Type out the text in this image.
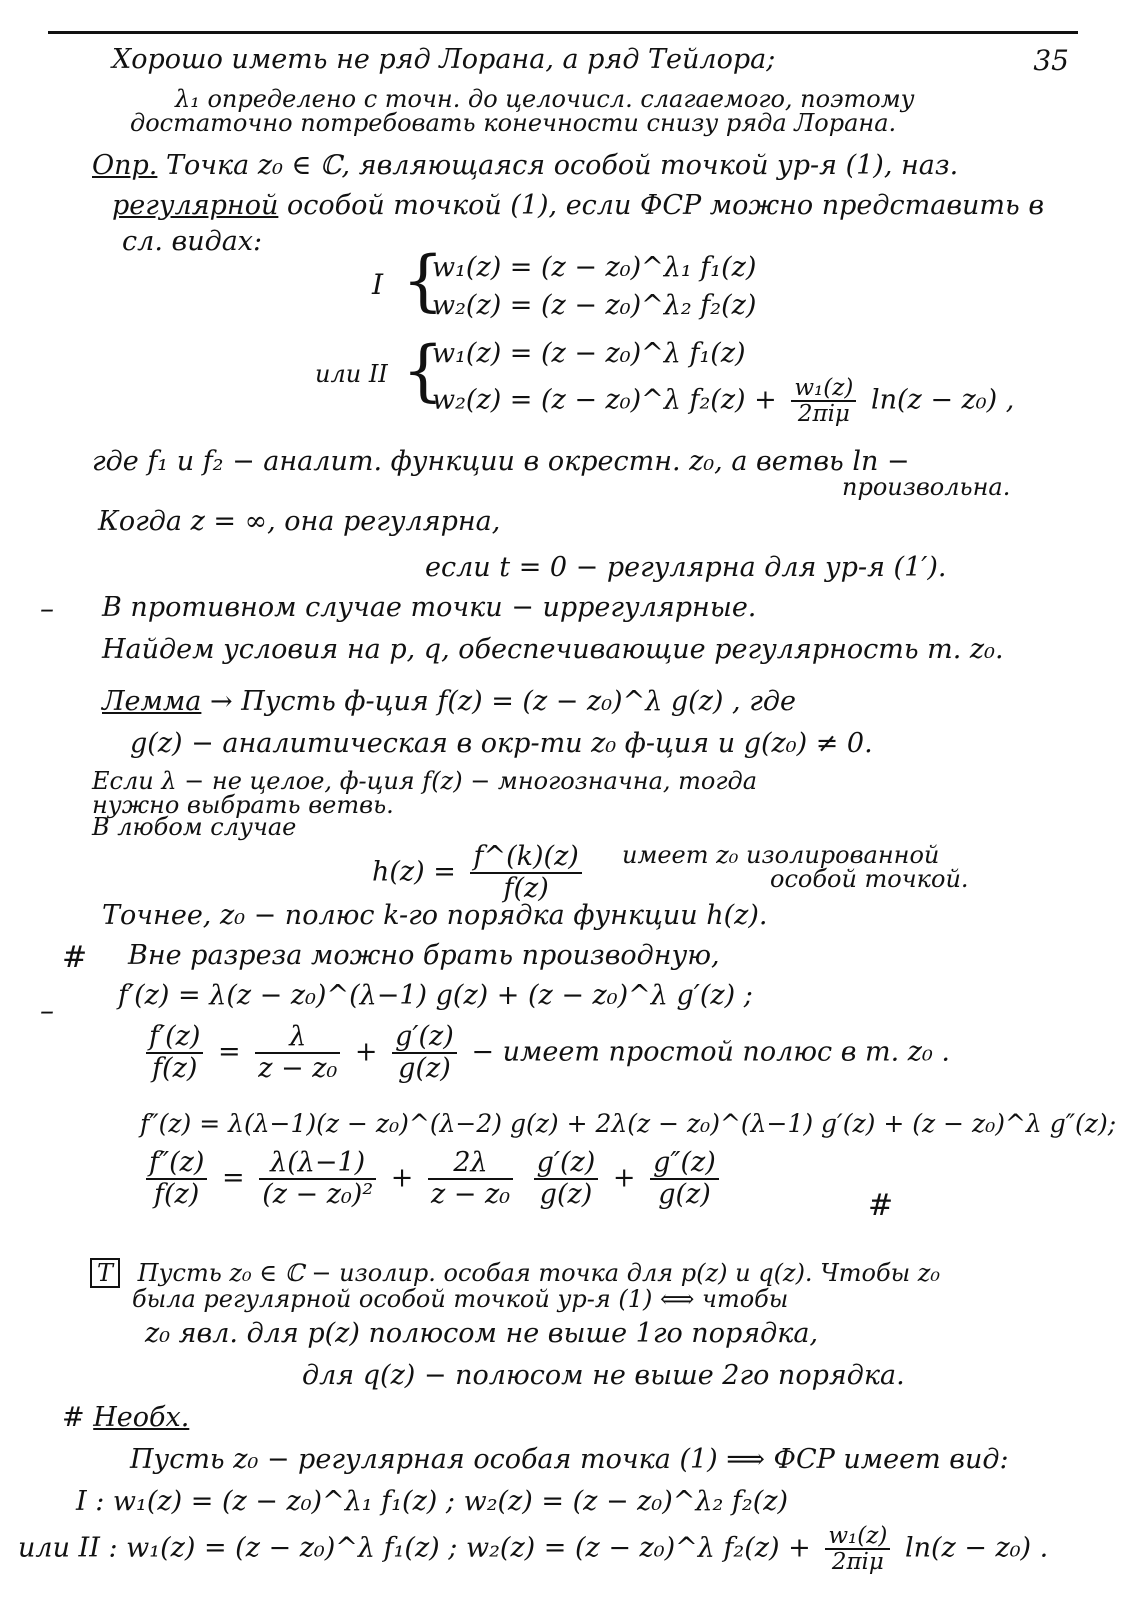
35
Хорошо иметь не ряд Лорана, а ряд Тейлора;
λ₁ определено с точн. до целочисл. слагаемого, поэтому
достаточно потребовать конечности снизу ряда Лорана.
Опр. Точка z₀ ∈ ℂ, являющаяся особой точкой ур-я (1), наз.
регулярной особой точкой (1), если ФСР можно представить в
сл. видах:
I {
w₁(z) = (z − z₀)^λ₁ f₁(z)
w₂(z) = (z − z₀)^λ₂ f₂(z)
или II {
w₁(z) = (z − z₀)^λ f₁(z)
w₂(z) = (z − z₀)^λ $f_2(z) + \frac{\text{w₁(z)}}{\text{2πiμ}} \ln(z - z_0)$ ,
где f₁ и f₂ − аналит. функции в окрестн. z₀, а ветвь ln −
произвольна.
Когда z = ∞, она регулярна,
если t = 0 − регулярна для ур-я (1′).
– В противном случае точки − иррегулярные.
Найдем условия на p, q, обеспечивающие регулярность т. z₀.
Лемма → Пусть ф-ция f(z) = (z − z₀)^λ g(z) , где
g(z) − аналитическая в окр-ти z₀ ф-ция и g(z₀) ≠ 0.
Если λ − не целое, ф-ция f(z) − многозначна, тогда
нужно выбрать ветвь.
В любом случае
$h(z) = \frac{f\^{}(k)(z)}{f(z)}$ имеет z₀ изолированной
особой точкой.
Точнее, z₀ − полюс k-го порядка функции h(z).
# Вне разреза можно брать производную,
– f′(z) = λ(z − z₀)^(λ−1) g(z) + (z − z₀)^λ g′(z) ;
$\frac{f'(z)}{f(z)} = \frac{\lambda}{\text{z − z₀}} + \frac{g'(z)}{g(z)}$ − имеет простой полюс в т. z₀ .
f″(z) = λ(λ−1)(z − z₀)^(λ−2) g(z) + 2λ(z − z₀)^(λ−1) g′(z) + (z − z₀)^λ g″(z);
$\frac{f''(z)}{f(z)} = \frac{\lambda(\lambda-1)}{\text{(z − z₀)²}} + \frac{2\lambda}{\text{z − z₀}}$
$\frac{g'(z)}{g(z)} + \frac{g''(z)}{g(z)}$	#
T Пусть z₀ ∈ ℂ − изолир. особая точка для p(z) и q(z). Чтобы z₀
была регулярной особой точкой ур-я (1) ⟺ чтобы
z₀ явл. для p(z) полюсом не выше 1го порядка,
для q(z) − полюсом не выше 2го порядка.
# Необх.
Пусть z₀ − регулярная особая точка (1) ⟹ ФСР имеет вид:
I : w₁(z) = (z − z₀)^λ₁ f₁(z) ; w₂(z) = (z − z₀)^λ₂ f₂(z)
или II : w₁(z) = (z − z₀)^λ f₁(z) ; w₂(z) = (z − z₀)^λ $f_2(z) + \frac{\text{w₁(z)}}{\text{2πiμ}} \ln(z - z_0)$ .
